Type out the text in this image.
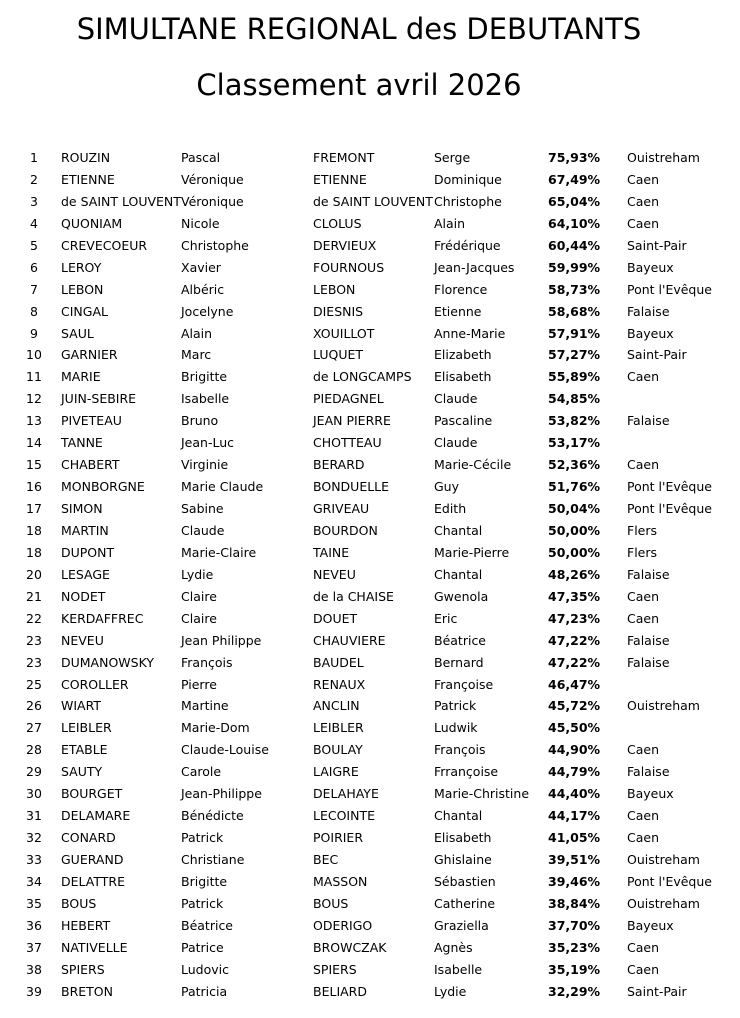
SIMULTANE REGIONAL des DEBUTANTS
Classement avril 2026
1	ROUZIN	Pascal	FREMONT	Serge	75,93% Ouistreham
2	ETIENNE	Véronique	ETIENNE	Dominique	67,49% Caen
3	de SAINT LOUVENT Véronique	de SAINT LOUVENT Christophe	65,04% Caen
4	QUONIAM	Nicole	CLOLUS	Alain	64,10% Caen
5	CREVECOEUR	Christophe	DERVIEUX	Frédérique	60,44% Saint-Pair
6	LEROY	Xavier	FOURNOUS	Jean-Jacques	59,99% Bayeux
7	LEBON	Albéric	LEBON	Florence	58,73% Pont l'Evêque
8	CINGAL	Jocelyne	DIESNIS	Etienne	58,68% Falaise
9	SAUL	Alain	XOUILLOT	Anne-Marie	57,91% Bayeux
10 GARNIER	Marc	LUQUET	Elizabeth	57,27% Saint-Pair
11 MARIE	Brigitte	de LONGCAMPS Elisabeth	55,89% Caen
12 JUIN-SEBIRE	Isabelle	PIEDAGNEL	Claude	54,85%
13 PIVETEAU	Bruno	JEAN PIERRE	Pascaline	53,82% Falaise
14 TANNE	Jean-Luc	CHOTTEAU	Claude	53,17%
15 CHABERT	Virginie	BERARD	Marie-Cécile	52,36% Caen
16 MONBORGNE	Marie Claude	BONDUELLE	Guy	51,76% Pont l'Evêque
17 SIMON	Sabine	GRIVEAU	Edith	50,04% Pont l'Evêque
18 MARTIN	Claude	BOURDON	Chantal	50,00% Flers
18 DUPONT	Marie-Claire	TAINE	Marie-Pierre	50,00% Flers
20 LESAGE	Lydie	NEVEU	Chantal	48,26% Falaise
21 NODET	Claire	de la CHAISE	Gwenola	47,35% Caen
22 KERDAFFREC	Claire	DOUET	Eric	47,23% Caen
23 NEVEU	Jean Philippe	CHAUVIERE	Béatrice	47,22% Falaise
23 DUMANOWSKY François	BAUDEL	Bernard	47,22% Falaise
25 COROLLER	Pierre	RENAUX	Françoise	46,47%
26 WIART	Martine	ANCLIN	Patrick	45,72% Ouistreham
27 LEIBLER	Marie-Dom	LEIBLER	Ludwik	45,50%
28 ETABLE	Claude-Louise	BOULAY	François	44,90% Caen
29 SAUTY	Carole	LAIGRE	Frrançoise	44,79% Falaise
30 BOURGET	Jean-Philippe	DELAHAYE	Marie-Christine 44,40% Bayeux
31 DELAMARE	Bénédicte	LECOINTE	Chantal	44,17% Caen
32 CONARD	Patrick	POIRIER	Elisabeth	41,05% Caen
33 GUERAND	Christiane	BEC	Ghislaine	39,51% Ouistreham
34 DELATTRE	Brigitte	MASSON	Sébastien	39,46% Pont l'Evêque
35 BOUS	Patrick	BOUS	Catherine	38,84% Ouistreham
36 HEBERT	Béatrice	ODERIGO	Graziella	37,70% Bayeux
37 NATIVELLE	Patrice	BROWCZAK	Agnès	35,23% Caen
38 SPIERS	Ludovic	SPIERS	Isabelle	35,19% Caen
39 BRETON	Patricia	BELIARD	Lydie	32,29% Saint-Pair
